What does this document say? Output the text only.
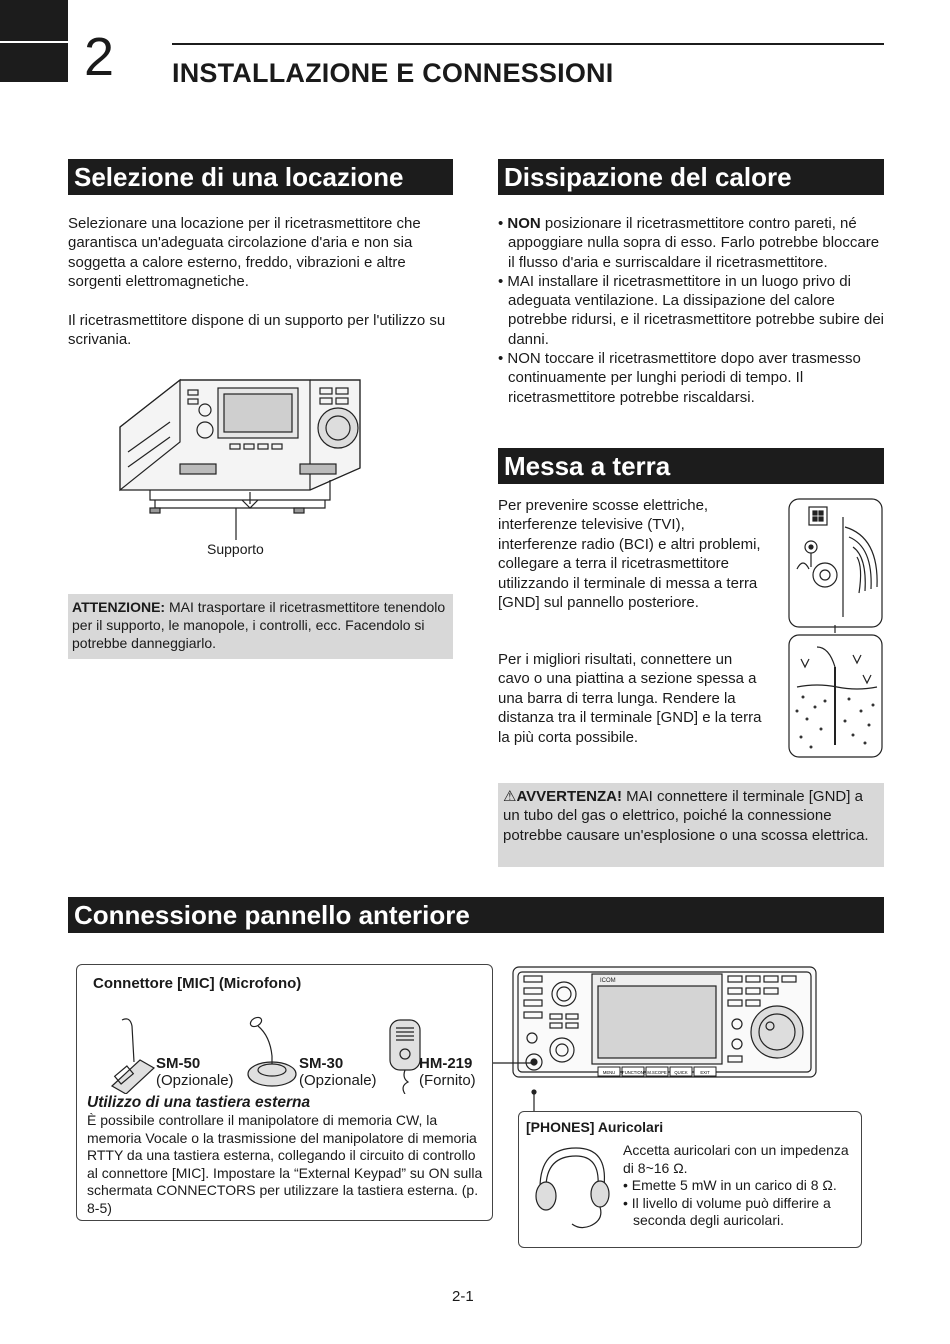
2 INSTALLAZIONE E CONNESSIONI
Selezione di una locazione
Selezionare una locazione per il ricetrasmettitore che garantisca un'adeguata circolazione d'aria e non sia soggetta a calore esterno, freddo, vibrazioni e altre sorgenti elettromagnetiche.
Il ricetrasmettitore dispone di un supporto per l'utilizzo su scrivania.
Supporto
ATTENZIONE: MAI trasportare il ricetrasmettitore tenendolo per il supporto, le manopole, i controlli, ecc. Facendolo si potrebbe danneggiarlo.
Dissipazione del calore
• NON posizionare il ricetrasmettitore contro pareti, né appoggiare nulla sopra di esso. Farlo potrebbe bloccare il flusso d'aria e surriscaldare il ricetrasmettitore.
• MAI installare il ricetrasmettitore in un luogo privo di adeguata ventilazione. La dissipazione del calore potrebbe ridursi, e il ricetrasmettitore potrebbe subire dei danni.
• NON toccare il ricetrasmettitore dopo aver trasmesso continuamente per lunghi periodi di tempo. Il ricetrasmettitore potrebbe riscaldarsi.
Messa a terra
Per prevenire scosse elettriche, interferenze televisive (TVI), interferenze radio (BCI) e altri problemi, collegare a terra il ricetrasmettitore utilizzando il terminale di messa a terra [GND] sul pannello posteriore.
Per i migliori risultati, connettere un cavo o una piattina a sezione spessa a una barra di terra lunga. Rendere la distanza tra il terminale [GND] e la terra la più corta possibile.
⚠AVVERTENZA! MAI connettere il terminale [GND] a un tubo del gas o elettrico, poiché la connessione potrebbe causare un'esplosione o una scossa elettrica.
Connessione pannello anteriore
Connettore [MIC] (Microfono)
SM-50
(Opzionale)
SM-30
(Opzionale)
HM-219
(Fornito)
Utilizzo di una tastiera esterna
È possibile controllare il manipolatore di memoria CW, la memoria Vocale o la trasmissione del manipolatore di memoria RTTY da una tastiera esterna, collegando il circuito di controllo al connettore [MIC]. Impostare la “External Keypad” su ON sulla schermata CONNECTORS per utilizzare la tastiera esterna. (p. 8-5)
ICOM
MENU FUNCTION M.SCOPE QUICK	EXIT
[PHONES] Auricolari
Accetta auricolari con un impedenza di 8~16 Ω.
• Emette 5 mW in un carico di 8 Ω.
• Il livello di volume può differire a seconda degli auricolari.
2-1
